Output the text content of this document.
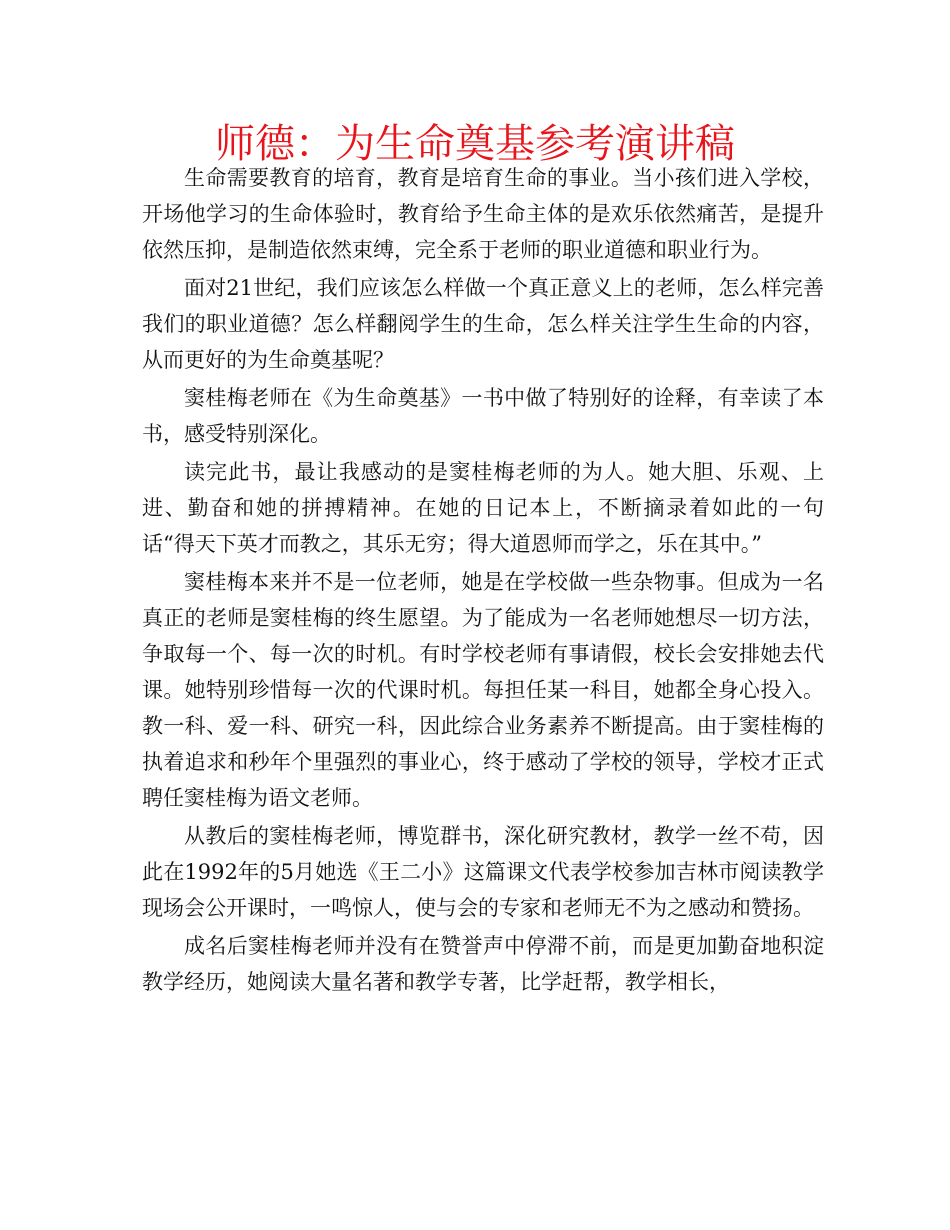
师德：为生命奠基参考演讲稿

生命需要教育的培育，教育是培育生命的事业。当小孩们进入学校，开场他学习的生命体验时，教育给予生命主体的是欢乐依然痛苦，是提升依然压抑，是制造依然束缚，完全系于老师的职业道德和职业行为。

面对21世纪，我们应该怎么样做一个真正意义上的老师，怎么样完善我们的职业道德？怎么样翻阅学生的生命，怎么样关注学生生命的内容，从而更好的为生命奠基呢？

窦桂梅老师在《为生命奠基》一书中做了特别好的诠释，有幸读了本书，感受特别深化。

读完此书，最让我感动的是窦桂梅老师的为人。她大胆、乐观、上进、勤奋和她的拼搏精神。在她的日记本上，不断摘录着如此的一句话“得天下英才而教之，其乐无穷；得大道恩师而学之，乐在其中。”

窦桂梅本来并不是一位老师，她是在学校做一些杂物事。但成为一名真正的老师是窦桂梅的终生愿望。为了能成为一名老师她想尽一切方法，争取每一个、每一次的时机。有时学校老师有事请假，校长会安排她去代课。她特别珍惜每一次的代课时机。每担任某一科目，她都全身心投入。教一科、爱一科、研究一科，因此综合业务素养不断提高。由于窦桂梅的执着追求和秒年个里强烈的事业心，终于感动了学校的领导，学校才正式聘任窦桂梅为语文老师。

从教后的窦桂梅老师，博览群书，深化研究教材，教学一丝不苟，因此在1992年的5月她选《王二小》这篇课文代表学校参加吉林市阅读教学现场会公开课时，一鸣惊人，使与会的专家和老师无不为之感动和赞扬。

成名后窦桂梅老师并没有在赞誉声中停滞不前，而是更加勤奋地积淀教学经历，她阅读大量名著和教学专著，比学赶帮，教学相长，
